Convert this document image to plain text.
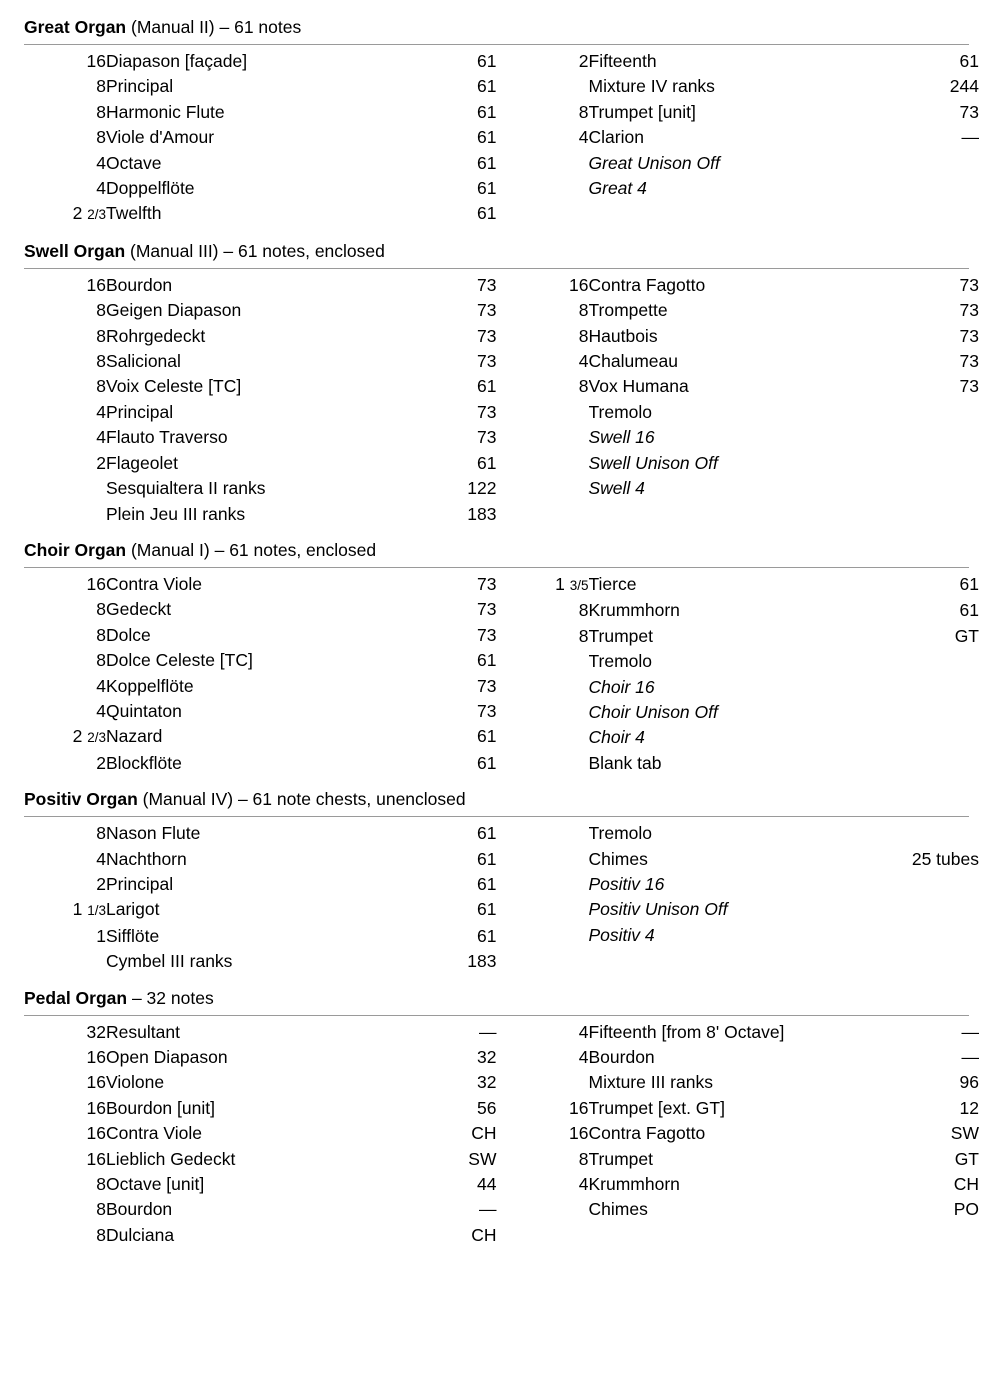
Great Organ (Manual II) – 61 notes
16	Diapason [façade]	61
8	Principal	61
8	Harmonic Flute	61
8	Viole d'Amour	61
4	Octave	61
4	Doppelflöte	61
2 2/3	Twelfth	61
2	Fifteenth	61
	Mixture IV ranks	244
8	Trumpet [unit]	73
4	Clarion	—
	Great Unison Off	
	Great 4	
Swell Organ (Manual III) – 61 notes, enclosed
16	Bourdon	73
8	Geigen Diapason	73
8	Rohrgedeckt	73
8	Salicional	73
8	Voix Celeste [TC]	61
4	Principal	73
4	Flauto Traverso	73
2	Flageolet	61
	Sesquialtera II ranks	122
	Plein Jeu III ranks	183
16	Contra Fagotto	73
8	Trompette	73
8	Hautbois	73
4	Chalumeau	73
8	Vox Humana	73
	Tremolo	
	Swell 16	
	Swell Unison Off	
	Swell 4	
Choir Organ (Manual I) – 61 notes, enclosed
16	Contra Viole	73
8	Gedeckt	73
8	Dolce	73
8	Dolce Celeste [TC]	61
4	Koppelflöte	73
4	Quintaton	73
2 2/3	Nazard	61
2	Blockflöte	61
1 3/5	Tierce	61
8	Krummhorn	61
8	Trumpet	GT
	Tremolo	
	Choir 16	
	Choir Unison Off	
	Choir 4	
	Blank tab	
Positiv Organ (Manual IV) – 61 note chests, unenclosed
8	Nason Flute	61
4	Nachthorn	61
2	Principal	61
1 1/3	Larigot	61
1	Sifflöte	61
	Cymbel III ranks	183
	Tremolo	
	Chimes	25 tubes
	Positiv 16	
	Positiv Unison Off	
	Positiv 4	
Pedal Organ – 32 notes
32	Resultant	—
16	Open Diapason	32
16	Violone	32
16	Bourdon [unit]	56
16	Contra Viole	CH
16	Lieblich Gedeckt	SW
8	Octave [unit]	44
8	Bourdon	—
8	Dulciana	CH
4	Fifteenth [from 8' Octave]	—
4	Bourdon	—
	Mixture III ranks	96
16	Trumpet [ext. GT]	12
16	Contra Fagotto	SW
8	Trumpet	GT
4	Krummhorn	CH
	Chimes	PO
